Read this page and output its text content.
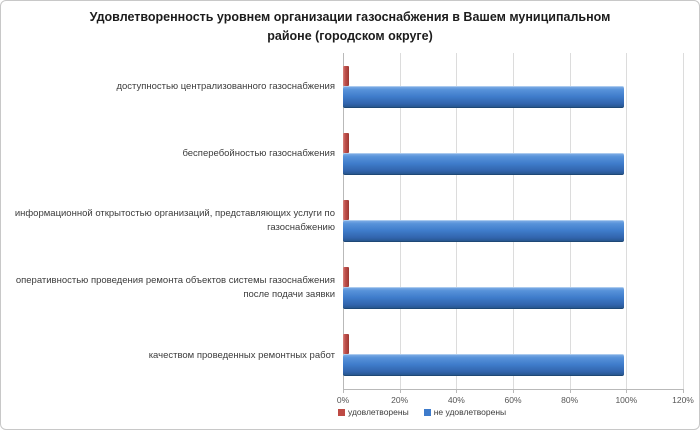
Удовлетворенность уровнем организации газоснабжения в Вашем муниципальном районе (городском округе)
доступностью централизованного газоснабжения
бесперебойностью газоснабжения
информационной открытостью организаций, представляющих услуги по газоснабжению
оперативностью проведения ремонта объектов системы газоснабжения после подачи заявки
качеством проведенных ремонтных работ
0%	20%	40%	60%	80%	100%	120%
удовлетворены	не удовлетворены
